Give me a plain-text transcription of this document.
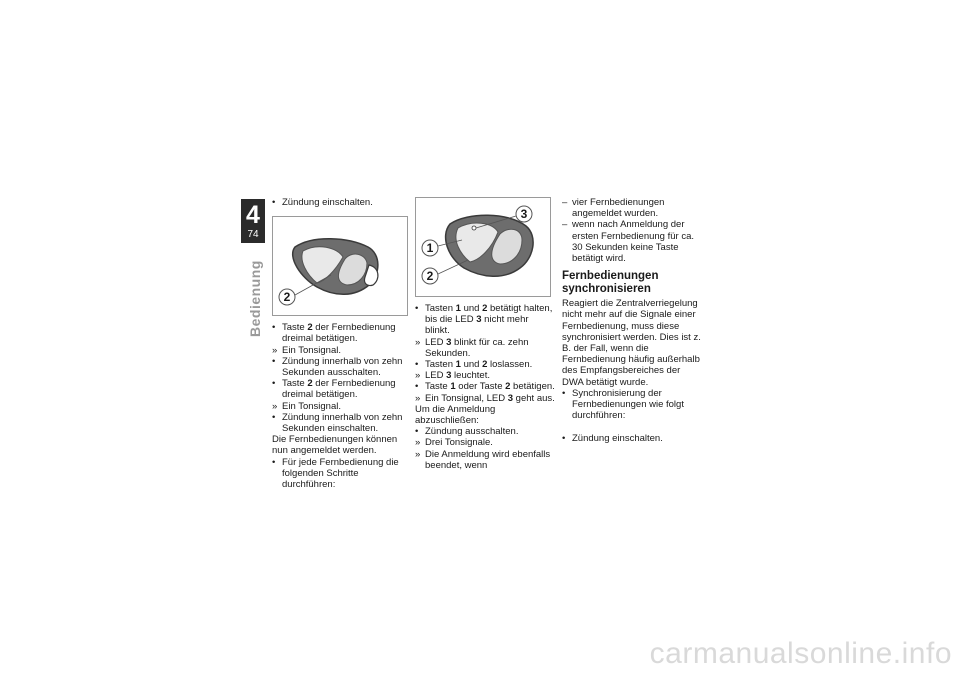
4
74
Bedienung

• Zündung einschalten.

2

• Taste 2 der Fernbedienung dreimal betätigen.

» Ein Tonsignal.

• Zündung innerhalb von zehn Sekunden ausschalten.

• Taste 2 der Fernbedienung dreimal betätigen.

» Ein Tonsignal.

• Zündung innerhalb von zehn Sekunden einschalten.

Die Fernbedienungen können nun angemeldet werden.

• Für jede Fernbedienung die folgenden Schritte durchführen:

3
1
2

• Tasten 1 und 2 betätigt halten, bis die LED 3 nicht mehr blinkt.

» LED 3 blinkt für ca. zehn Sekunden.

• Tasten 1 und 2 loslassen.

» LED 3 leuchtet.

• Taste 1 oder Taste 2 betätigen.

» Ein Tonsignal, LED 3 geht aus.

Um die Anmeldung abzuschließen:

• Zündung ausschalten.

» Drei Tonsignale.

» Die Anmeldung wird ebenfalls beendet, wenn

– vier Fernbedienungen angemeldet wurden.

– wenn nach Anmeldung der ersten Fernbedienung für ca. 30 Sekunden keine Taste betätigt wird.

Fernbedienungen synchronisieren

Reagiert die Zentralverriegelung nicht mehr auf die Signale einer Fernbedienung, muss diese synchronisiert werden. Dies ist z. B. der Fall, wenn die Fernbedienung häufig außerhalb des Empfangsbereiches der DWA betätigt wurde.

• Synchronisierung der Fernbedienungen wie folgt durchführen:

• Zündung einschalten.

carmanualsonline.info
